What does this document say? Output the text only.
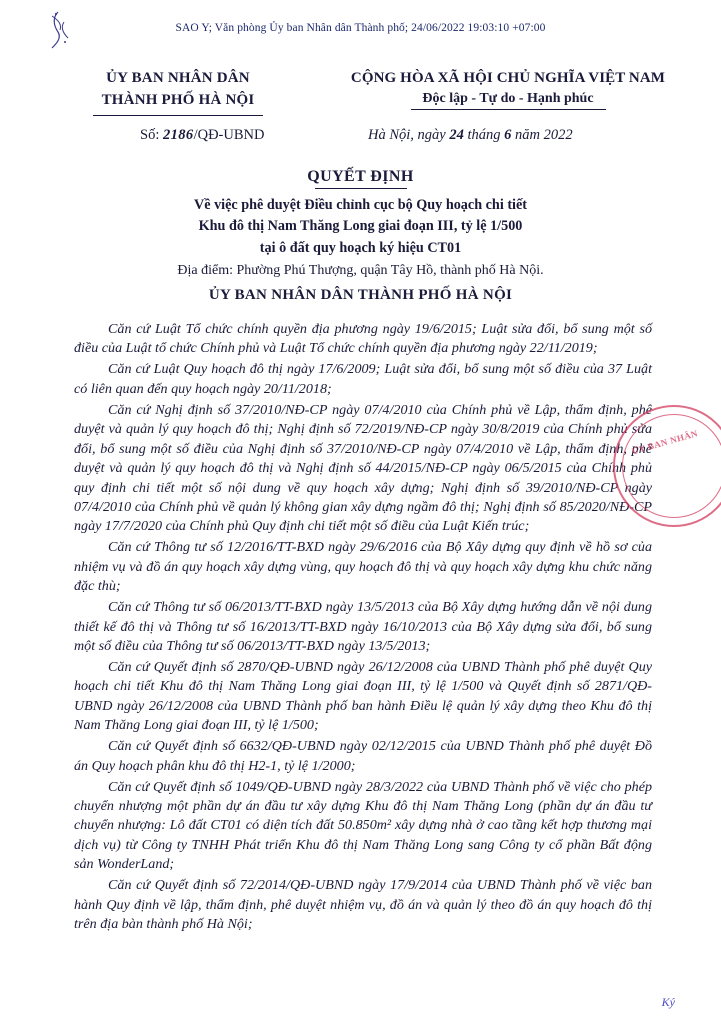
SAO Y; Văn phòng Ủy ban Nhân dân Thành phố; 24/06/2022 19:03:10 +07:00
ỦY BAN NHÂN DÂN
THÀNH PHỐ HÀ NỘI
CỘNG HÒA XÃ HỘI CHỦ NGHĨA VIỆT NAM
Độc lập - Tự do - Hạnh phúc
Số: 2186/QĐ-UBND	Hà Nội, ngày 24 tháng 6 năm 2022
QUYẾT ĐỊNH
Về việc phê duyệt Điều chỉnh cục bộ Quy hoạch chi tiết
Khu đô thị Nam Thăng Long giai đoạn III, tỷ lệ 1/500
tại ô đất quy hoạch ký hiệu CT01
Địa điểm: Phường Phú Thượng, quận Tây Hồ, thành phố Hà Nội.
ỦY BAN NHÂN DÂN THÀNH PHỐ HÀ NỘI

Căn cứ Luật Tổ chức chính quyền địa phương ngày 19/6/2015; Luật sửa đổi, bổ sung một số điều của Luật tổ chức Chính phủ và Luật Tổ chức chính quyền địa phương ngày 22/11/2019;

Căn cứ Luật Quy hoạch đô thị ngày 17/6/2009; Luật sửa đổi, bổ sung một số điều của 37 Luật có liên quan đến quy hoạch ngày 20/11/2018;

Căn cứ Nghị định số 37/2010/NĐ-CP ngày 07/4/2010 của Chính phủ về Lập, thẩm định, phê duyệt và quản lý quy hoạch đô thị; Nghị định số 72/2019/NĐ-CP ngày 30/8/2019 của Chính phủ sửa đổi, bổ sung một số điều của Nghị định số 37/2010/NĐ-CP ngày 07/4/2010 về Lập, thẩm định, phê duyệt và quản lý quy hoạch đô thị và Nghị định số 44/2015/NĐ-CP ngày 06/5/2015 của Chính phủ quy định chi tiết một số nội dung về quy hoạch xây dựng; Nghị định số 39/2010/NĐ-CP ngày 07/4/2010 của Chính phủ về quản lý không gian xây dựng ngầm đô thị; Nghị định số 85/2020/NĐ-CP ngày 17/7/2020 của Chính phủ Quy định chi tiết một số điều của Luật Kiến trúc;

Căn cứ Thông tư số 12/2016/TT-BXD ngày 29/6/2016 của Bộ Xây dựng quy định về hồ sơ của nhiệm vụ và đồ án quy hoạch xây dựng vùng, quy hoạch đô thị và quy hoạch xây dựng khu chức năng đặc thù;

Căn cứ Thông tư số 06/2013/TT-BXD ngày 13/5/2013 của Bộ Xây dựng hướng dẫn về nội dung thiết kế đô thị và Thông tư số 16/2013/TT-BXD ngày 16/10/2013 của Bộ Xây dựng sửa đổi, bổ sung một số điều của Thông tư số 06/2013/TT-BXD ngày 13/5/2013;

Căn cứ Quyết định số 2870/QĐ-UBND ngày 26/12/2008 của UBND Thành phố phê duyệt Quy hoạch chi tiết Khu đô thị Nam Thăng Long giai đoạn III, tỷ lệ 1/500 và Quyết định số 2871/QĐ-UBND ngày 26/12/2008 của UBND Thành phố ban hành Điều lệ quản lý xây dựng theo Khu đô thị Nam Thăng Long giai đoạn III, tỷ lệ 1/500;

Căn cứ Quyết định số 6632/QĐ-UBND ngày 02/12/2015 của UBND Thành phố phê duyệt Ðồ án Quy hoạch phân khu đô thị H2-1, tỷ lệ 1/2000;

Căn cứ Quyết định số 1049/QĐ-UBND ngày 28/3/2022 của UBND Thành phố về việc cho phép chuyển nhượng một phần dự án đầu tư xây dựng Khu đô thị Nam Thăng Long (phần dự án đầu tư chuyển nhượng: Lô đất CT01 có diện tích đất 50.850m² xây dựng nhà ở cao tầng kết hợp thương mại dịch vụ) từ Công ty TNHH Phát triển Khu đô thị Nam Thăng Long sang Công ty cổ phần Bất động sản WonderLand;

Căn cứ Quyết định số 72/2014/QĐ-UBND ngày 17/9/2014 của UBND Thành phố về việc ban hành Quy định về lập, thẩm định, phê duyệt nhiệm vụ, đồ án và quản lý theo đồ án quy hoạch đô thị trên địa bàn thành phố Hà Nội;

ỦY BAN NHÂN
Ký
